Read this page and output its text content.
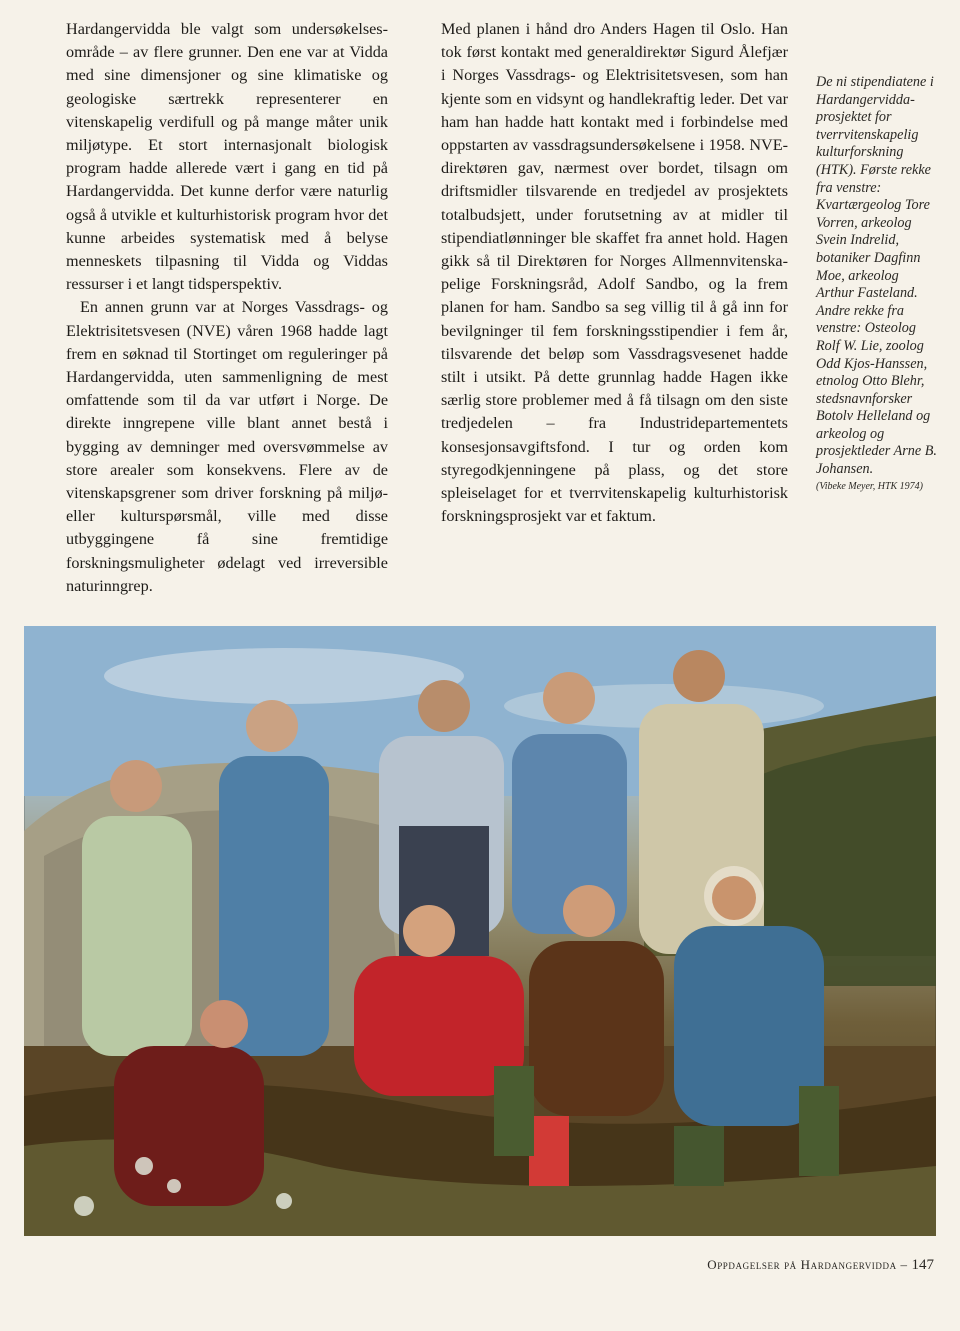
Hardangervidda ble valgt som undersøkelsesområde – av flere grunner. Den ene var at Vidda med sine dimensjoner og sine klimatiske og geologiske særtrekk representerer en vitenskapelig verdifull og på mange måter unik miljøtype. Et stort internasjonalt biologisk program hadde allerede vært i gang en tid på Hardangervidda. Det kunne derfor være naturlig også å utvikle et kulturhistorisk program hvor det kunne arbeides systematisk med å belyse menneskets tilpasning til Vidda og Viddas ressurser i et langt tidsperspektiv.

En annen grunn var at Norges Vassdrags- og Elektrisitetsvesen (NVE) våren 1968 hadde lagt frem en søknad til Stortinget om reguleringer på Hardangervidda, uten sammenligning de mest omfattende som til da var utført i Norge. De direkte inngrepene ville blant annet bestå i bygging av demninger med oversvømmelse av store arealer som konsekvens. Flere av de vitenskapsgrener som driver forskning på miljø- eller kulturspørsmål, ville med disse utbyggingene få sine fremtidige forskningsmuligheter ødelagt ved irreversible naturinngrep.

Med planen i hånd dro Anders Hagen til Oslo. Han tok først kontakt med generaldirektør Sigurd Ålefjær i Norges Vassdrags- og Elektrisitetsvesen, som han kjente som en vidsynt og handlekraftig leder. Det var ham han hadde hatt kontakt med i forbindelse med oppstarten av vassdragsundersøkelsene i 1958. NVE-direktøren gav, nærmest over bordet, tilsagn om driftsmidler tilsvarende en tredjedel av prosjektets totalbudsjett, under forutsetning av at midler til stipendiatlønninger ble skaffet fra annet hold. Hagen gikk så til Direktøren for Norges Allmennvitenskapelige Forskningsråd, Adolf Sandbo, og la frem planen for ham. Sandbo sa seg villig til å gå inn for bevilgninger til fem forskningsstipendier i fem år, tilsvarende det beløp som Vassdragsvesenet hadde stilt i utsikt. På dette grunnlag hadde Hagen ikke særlig store problemer med å få tilsagn om den siste tredjedelen – fra Industridepartementets konsesjonsavgiftsfond. I tur og orden kom styregodkjenningene på plass, og det store spleiselaget for et tverrvitenskapelig kulturhistorisk forskningsprosjekt var et faktum.

De ni stipendiatene i Hardangerviddaprosjektet for tverrvitenskapelig kulturforskning (HTK). Første rekke fra venstre: Kvartærgeolog Tore Vorren, arkeolog Svein Indrelid, botaniker Dagfinn Moe, arkeolog Arthur Fasteland. Andre rekke fra venstre: Osteolog Rolf W. Lie, zoolog Odd Kjos-Hanssen, etnolog Otto Blehr, stedsnavnforsker Botolv Helleland og arkeolog og prosjektleder Arne B. Johansen.
(Vibeke Meyer, HTK 1974)
Oppdagelser på Hardangervidda – 147
